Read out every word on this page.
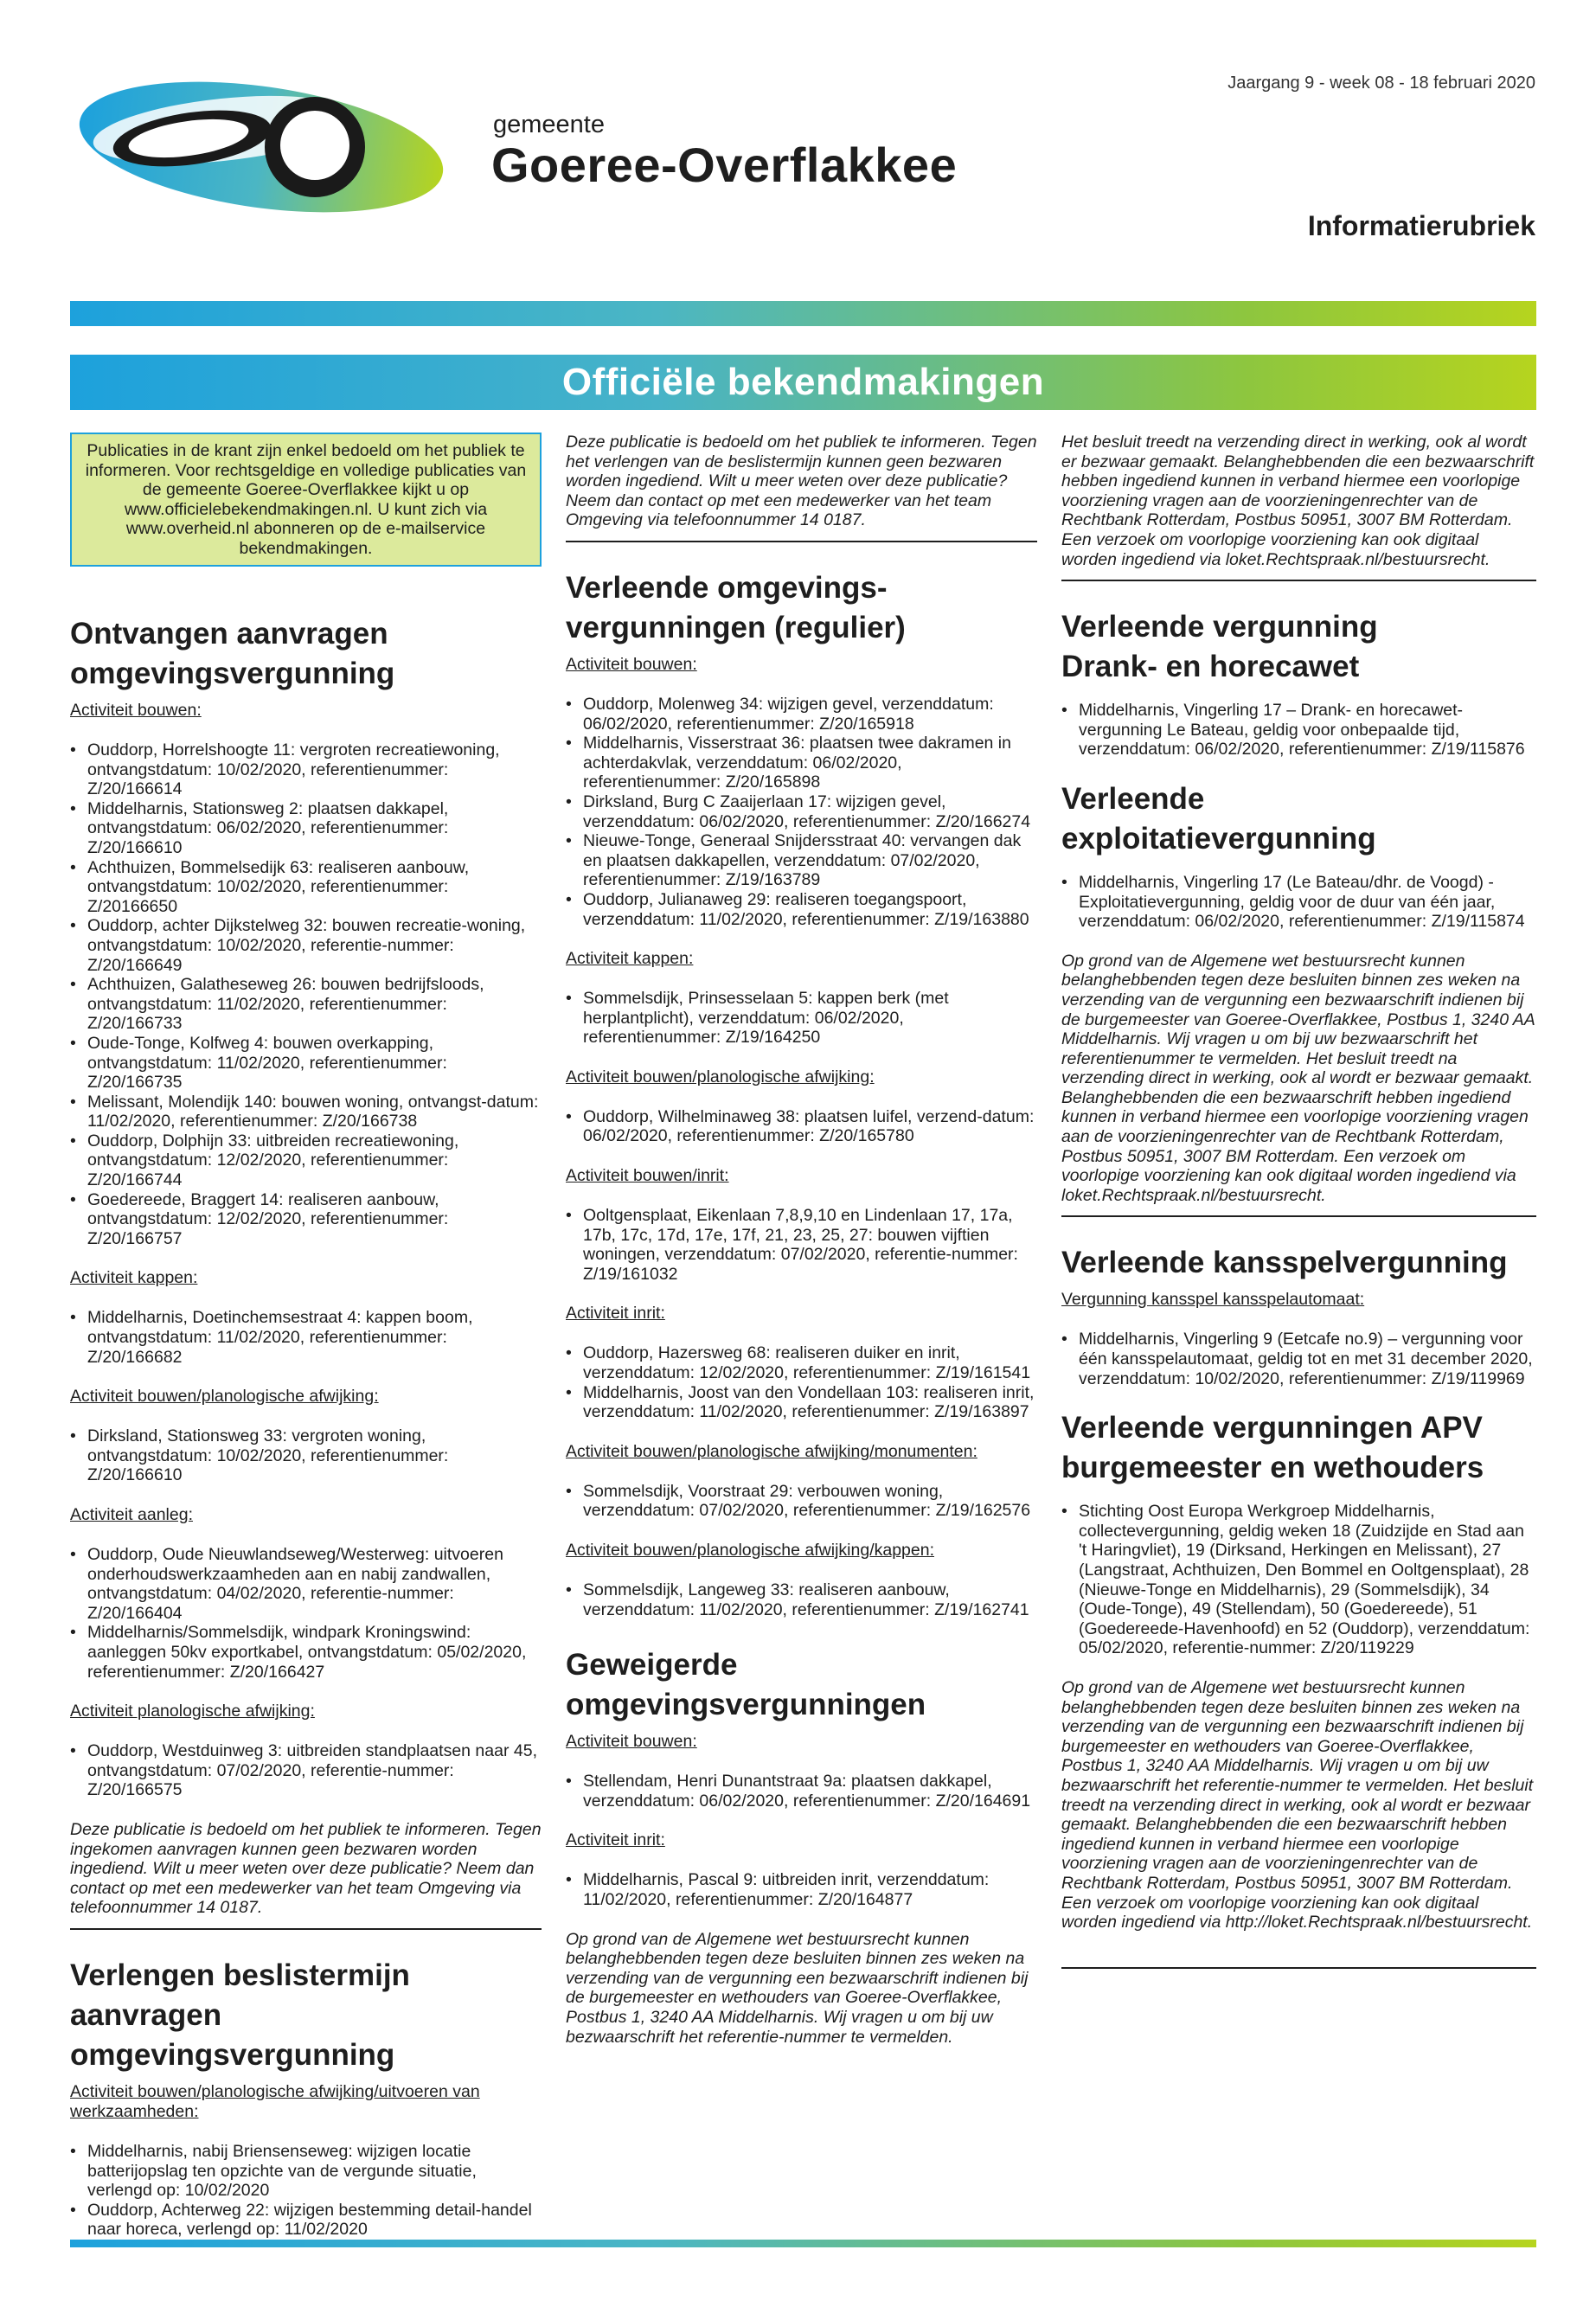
gemeente
Goeree-Overflakkee
Jaargang 9 - week 08 - 18 februari 2020
Informatierubriek
Officiële bekendmakingen
Publicaties in de krant zijn enkel bedoeld om het publiek te informeren. Voor rechtsgeldige en volledige publicaties van de gemeente Goeree-Overflakkee kijkt u op www.officielebekendmakingen.nl. U kunt zich via www.overheid.nl abonneren op de e-mailservice bekendmakingen.
Ontvangen aanvragen
omgevingsvergunning

Activiteit bouwen:

• Ouddorp, Horrelshoogte 11: vergroten recreatiewoning, ontvangstdatum: 10/02/2020, referentienummer: Z/20/166614
• Middelharnis, Stationsweg 2: plaatsen dakkapel, ontvangstdatum: 06/02/2020, referentienummer: Z/20/166610
• Achthuizen, Bommelsedijk 63: realiseren aanbouw, ontvangstdatum: 10/02/2020, referentienummer: Z/20166650
• Ouddorp, achter Dijkstelweg 32: bouwen recreatie-woning, ontvangstdatum: 10/02/2020, referentie-nummer: Z/20/166649
• Achthuizen, Galatheseweg 26: bouwen bedrijfsloods, ontvangstdatum: 11/02/2020, referentienummer: Z/20/166733
• Oude-Tonge, Kolfweg 4: bouwen overkapping, ontvangstdatum: 11/02/2020, referentienummer: Z/20/166735
• Melissant, Molendijk 140: bouwen woning, ontvangst-datum: 11/02/2020, referentienummer: Z/20/166738
• Ouddorp, Dolphijn 33: uitbreiden recreatiewoning, ontvangstdatum: 12/02/2020, referentienummer: Z/20/166744
• Goedereede, Braggert 14: realiseren aanbouw, ontvangstdatum: 12/02/2020, referentienummer: Z/20/166757

Activiteit kappen:

• Middelharnis, Doetinchemsestraat 4: kappen boom, ontvangstdatum: 11/02/2020, referentienummer: Z/20/166682

Activiteit bouwen/planologische afwijking:

• Dirksland, Stationsweg 33: vergroten woning, ontvangstdatum: 10/02/2020, referentienummer: Z/20/166610

Activiteit aanleg:

• Ouddorp, Oude Nieuwlandseweg/Westerweg: uitvoeren onderhoudswerkzaamheden aan en nabij zandwallen, ontvangstdatum: 04/02/2020, referentie-nummer: Z/20/166404
• Middelharnis/Sommelsdijk, windpark Kroningswind: aanleggen 50kv exportkabel, ontvangstdatum: 05/02/2020, referentienummer: Z/20/166427

Activiteit planologische afwijking:

• Ouddorp, Westduinweg 3: uitbreiden standplaatsen naar 45, ontvangstdatum: 07/02/2020, referentie-nummer: Z/20/166575

Deze publicatie is bedoeld om het publiek te informeren. Tegen ingekomen aanvragen kunnen geen bezwaren worden ingediend. Wilt u meer weten over deze publicatie? Neem dan contact op met een medewerker van het team Omgeving via telefoonnummer 14 0187.

Verlengen beslistermijn
aanvragen omgevingsvergunning

Activiteit bouwen/planologische afwijking/uitvoeren van werkzaamheden:

• Middelharnis, nabij Briensenseweg: wijzigen locatie batterijopslag ten opzichte van de vergunde situatie, verlengd op: 10/02/2020
• Ouddorp, Achterweg 22: wijzigen bestemming detail-handel naar horeca, verlengd op: 11/02/2020

Deze publicatie is bedoeld om het publiek te informeren. Tegen het verlengen van de beslistermijn kunnen geen bezwaren worden ingediend. Wilt u meer weten over deze publicatie? Neem dan contact op met een medewerker van het team Omgeving via telefoonnummer 14 0187.

Verleende omgevings-
vergunningen (regulier)

Activiteit bouwen:

• Ouddorp, Molenweg 34: wijzigen gevel, verzenddatum: 06/02/2020, referentienummer: Z/20/165918
• Middelharnis, Visserstraat 36: plaatsen twee dakramen in achterdakvlak, verzenddatum: 06/02/2020, referentienummer: Z/20/165898
• Dirksland, Burg C Zaaijerlaan 17: wijzigen gevel, verzenddatum: 06/02/2020, referentienummer: Z/20/166274
• Nieuwe-Tonge, Generaal Snijdersstraat 40: vervangen dak en plaatsen dakkapellen, verzenddatum: 07/02/2020, referentienummer: Z/19/163789
• Ouddorp, Julianaweg 29: realiseren toegangspoort, verzenddatum: 11/02/2020, referentienummer: Z/19/163880

Activiteit kappen:

• Sommelsdijk, Prinsesselaan 5: kappen berk (met herplantplicht), verzenddatum: 06/02/2020, referentienummer: Z/19/164250

Activiteit bouwen/planologische afwijking:

• Ouddorp, Wilhelminaweg 38: plaatsen luifel, verzend-datum: 06/02/2020, referentienummer: Z/20/165780

Activiteit bouwen/inrit:

• Ooltgensplaat, Eikenlaan 7,8,9,10 en Lindenlaan 17, 17a, 17b, 17c, 17d, 17e, 17f, 21, 23, 25, 27: bouwen vijftien woningen, verzenddatum: 07/02/2020, referentie-nummer: Z/19/161032

Activiteit inrit:

• Ouddorp, Hazersweg 68: realiseren duiker en inrit, verzenddatum: 12/02/2020, referentienummer: Z/19/161541
• Middelharnis, Joost van den Vondellaan 103: realiseren inrit, verzenddatum: 11/02/2020, referentienummer: Z/19/163897

Activiteit bouwen/planologische afwijking/monumenten:

• Sommelsdijk, Voorstraat 29: verbouwen woning, verzenddatum: 07/02/2020, referentienummer: Z/19/162576

Activiteit bouwen/planologische afwijking/kappen:

• Sommelsdijk, Langeweg 33: realiseren aanbouw, verzenddatum: 11/02/2020, referentienummer: Z/19/162741
Geweigerde
omgevingsvergunningen

Activiteit bouwen:

• Stellendam, Henri Dunantstraat 9a: plaatsen dakkapel, verzenddatum: 06/02/2020, referentienummer: Z/20/164691

Activiteit inrit:

• Middelharnis, Pascal 9: uitbreiden inrit, verzenddatum: 11/02/2020, referentienummer: Z/20/164877

Op grond van de Algemene wet bestuursrecht kunnen belanghebbenden tegen deze besluiten binnen zes weken na verzending van de vergunning een bezwaarschrift indienen bij de burgemeester en wethouders van Goeree-Overflakkee, Postbus 1, 3240 AA Middelharnis. Wij vragen u om bij uw bezwaarschrift het referentie-nummer te vermelden.

Het besluit treedt na verzending direct in werking, ook al wordt er bezwaar gemaakt. Belanghebbenden die een bezwaarschrift hebben ingediend kunnen in verband hiermee een voorlopige voorziening vragen aan de voorzieningenrechter van de Rechtbank Rotterdam, Postbus 50951, 3007 BM Rotterdam. Een verzoek om voorlopige voorziening kan ook digitaal worden ingediend via loket.Rechtspraak.nl/bestuursrecht.

Verleende vergunning
Drank- en horecawet
• Middelharnis, Vingerling 17 – Drank- en horecawet-vergunning Le Bateau, geldig voor onbepaalde tijd, verzenddatum: 06/02/2020, referentienummer: Z/19/115876
Verleende
exploitatievergunning
• Middelharnis, Vingerling 17 (Le Bateau/dhr. de Voogd) - Exploitatievergunning, geldig voor de duur van één jaar, verzenddatum: 06/02/2020, referentienummer: Z/19/115874

Op grond van de Algemene wet bestuursrecht kunnen belanghebbenden tegen deze besluiten binnen zes weken na verzending van de vergunning een bezwaarschrift indienen bij de burgemeester van Goeree-Overflakkee, Postbus 1, 3240 AA Middelharnis. Wij vragen u om bij uw bezwaarschrift het referentienummer te vermelden. Het besluit treedt na verzending direct in werking, ook al wordt er bezwaar gemaakt. Belanghebbenden die een bezwaarschrift hebben ingediend kunnen in verband hiermee een voorlopige voorziening vragen aan de voorzieningenrechter van de Rechtbank Rotterdam, Postbus 50951, 3007 BM Rotterdam. Een verzoek om voorlopige voorziening kan ook digitaal worden ingediend via loket.Rechtspraak.nl/bestuursrecht.

Verleende kansspelvergunning

Vergunning kansspel kansspelautomaat:

• Middelharnis, Vingerling 9 (Eetcafe no.9) – vergunning voor één kansspelautomaat, geldig tot en met 31 december 2020, verzenddatum: 10/02/2020, referentienummer: Z/19/119969
Verleende vergunningen APV
burgemeester en wethouders
• Stichting Oost Europa Werkgroep Middelharnis, collectevergunning, geldig weken 18 (Zuidzijde en Stad aan 't Haringvliet), 19 (Dirksand, Herkingen en Melissant), 27 (Langstraat, Achthuizen, Den Bommel en Ooltgensplaat), 28 (Nieuwe-Tonge en Middelharnis), 29 (Sommelsdijk), 34 (Oude-Tonge), 49 (Stellendam), 50 (Goedereede), 51 (Goedereede-Havenhoofd) en 52 (Ouddorp), verzenddatum: 05/02/2020, referentie-nummer: Z/20/119229

Op grond van de Algemene wet bestuursrecht kunnen belanghebbenden tegen deze besluiten binnen zes weken na verzending van de vergunning een bezwaarschrift indienen bij burgemeester en wethouders van Goeree-Overflakkee, Postbus 1, 3240 AA Middelharnis. Wij vragen u om bij uw bezwaarschrift het referentie-nummer te vermelden. Het besluit treedt na verzending direct in werking, ook al wordt er bezwaar gemaakt. Belanghebbenden die een bezwaarschrift hebben ingediend kunnen in verband hiermee een voorlopige voorziening vragen aan de voorzieningenrechter van de Rechtbank Rotterdam, Postbus 50951, 3007 BM Rotterdam. Een verzoek om voorlopige voorziening kan ook digitaal worden ingediend via http://loket.Rechtspraak.nl/bestuursrecht.
